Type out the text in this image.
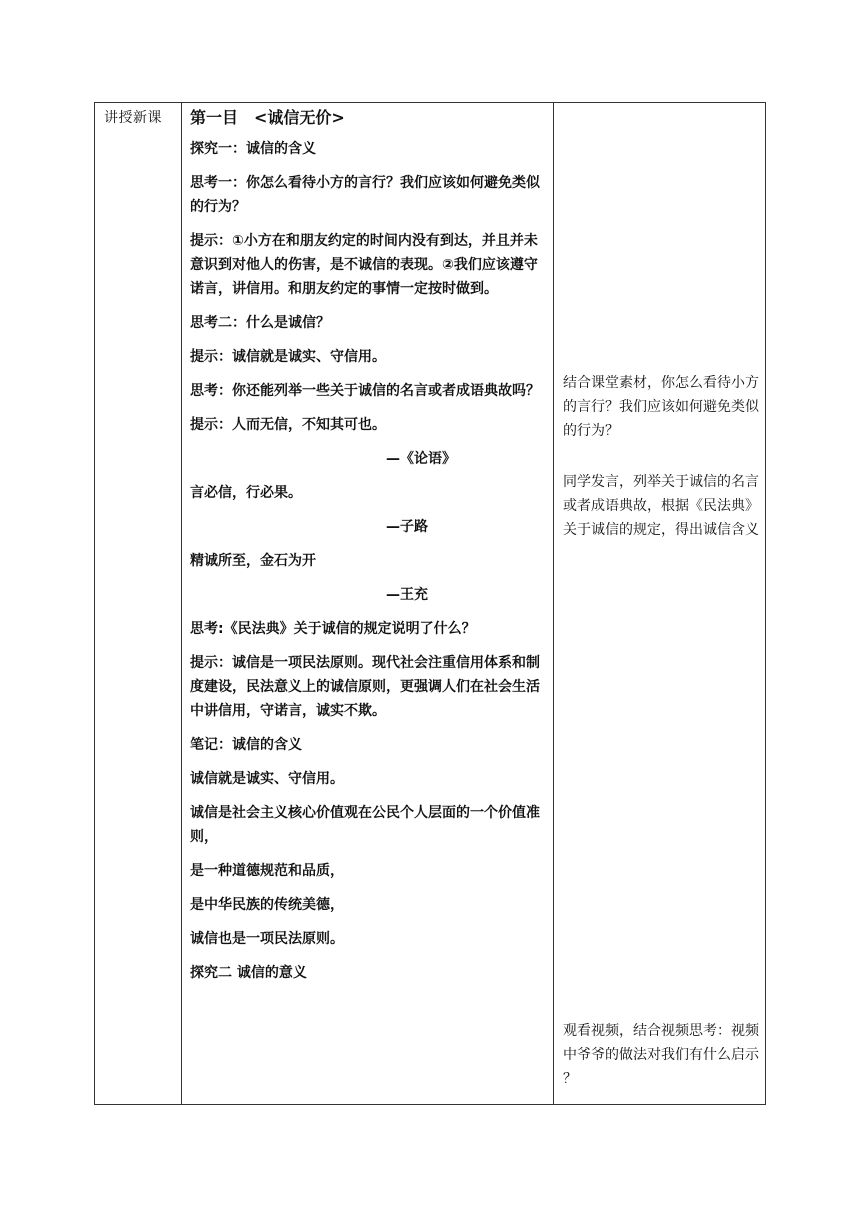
讲授新课	第一目 <诚信无价>
探究一：诚信的含义
思考一：你怎么看待小方的言行？我们应该如何避免类似的行为？
提示：①小方在和朋友约定的时间内没有到达，并且并未意识到对他人的伤害，是不诚信的表现。②我们应该遵守诺言，讲信用。和朋友约定的事情一定按时做到。
思考二：什么是诚信？
提示：诚信就是诚实、守信用。
思考：你还能列举一些关于诚信的名言或者成语典故吗？
提示：人而无信，不知其可也。
—《论语》
言必信，行必果。
—子路
精诚所至，金石为开
—王充
思考:《民法典》关于诚信的规定说明了什么？
提示：诚信是一项民法原则。现代社会注重信用体系和制度建设，民法意义上的诚信原则，更强调人们在社会生活中讲信用，守诺言，诚实不欺。
笔记：诚信的含义
诚信就是诚实、守信用。
诚信是社会主义核心价值观在公民个人层面的一个价值准则，
是一种道德规范和品质，
是中华民族的传统美德，
诚信也是一项民法原则。
探究二 诚信的意义
结合课堂素材，你怎么看待小方的言行？我们应该如何避免类似的行为？
同学发言，列举关于诚信的名言或者成语典故，根据《民法典》关于诚信的规定，得出诚信含义
观看视频，结合视频思考：视频中爷爷的做法对我们有什么启示 ？
